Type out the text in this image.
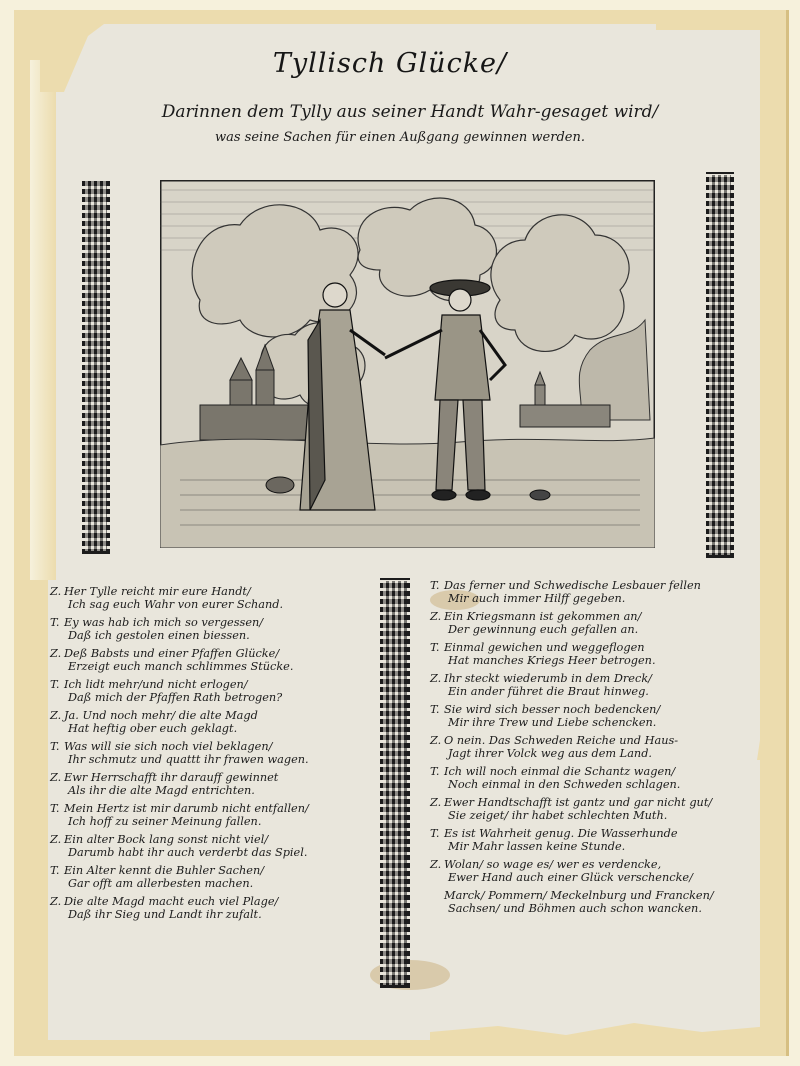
Tyllisch Glücke/
Darinnen dem Tylly aus seiner Handt Wahr-gesaget wird/
was seine Sachen für einen Außgang gewinnen werden.
Z. Her Tylle reicht mir eure Handt/
Ich sag euch Wahr von eurer Schand.
T. Ey was hab ich mich so vergessen/
Daß ich gestolen einen biessen.
Z. Deß Babsts und einer Pfaffen Glücke/
Erzeigt euch manch schlimmes Stücke.
T. Ich lidt mehr/und nicht erlogen/
Daß mich der Pfaffen Rath betrogen?
Z. Ja. Und noch mehr/ die alte Magd
Hat heftig ober euch geklagt.
T. Was will sie sich noch viel beklagen/
Ihr schmutz und quattt ihr frawen wagen.
Z. Ewr Herrschafft ihr darauff gewinnet
Als ihr die alte Magd entrichten.
T. Mein Hertz ist mir darumb nicht entfallen/
Ich hoff zu seiner Meinung fallen.
Z. Ein alter Bock lang sonst nicht viel/
Darumb habt ihr auch verderbt das Spiel.
T. Ein Alter kennt die Buhler Sachen/
Gar offt am allerbesten machen.
Z. Die alte Magd macht euch viel Plage/
Daß ihr Sieg und Landt ihr zufalt.
T. Das ferner und Schwedische Lesbauer fellen
Mir auch immer Hilff gegeben.
Z. Ein Kriegsmann ist gekommen an/
Der gewinnung euch gefallen an.
T. Einmal gewichen und weggeflogen
Hat manches Kriegs Heer betrogen.
Z. Ihr steckt wiederumb in dem Dreck/
Ein ander führet die Braut hinweg.
T. Sie wird sich besser noch bedencken/
Mir ihre Trew und Liebe schencken.
Z. O nein. Das Schweden Reiche und Haus-
Jagt ihrer Volck weg aus dem Land.
T. Ich will noch einmal die Schantz wagen/
Noch einmal in den Schweden schlagen.
Z. Ewer Handtschafft ist gantz und gar nicht gut/
Sie zeiget/ ihr habet schlechten Muth.
T. Es ist Wahrheit genug. Die Wasserhunde
Mir Mahr lassen keine Stunde.
Z. Wolan/ so wage es/ wer es verdencke,
Ewer Hand auch einer Glück verschencke/
Marck/ Pommern/ Meckelnburg und Francken/
Sachsen/ und Böhmen auch schon wancken.
